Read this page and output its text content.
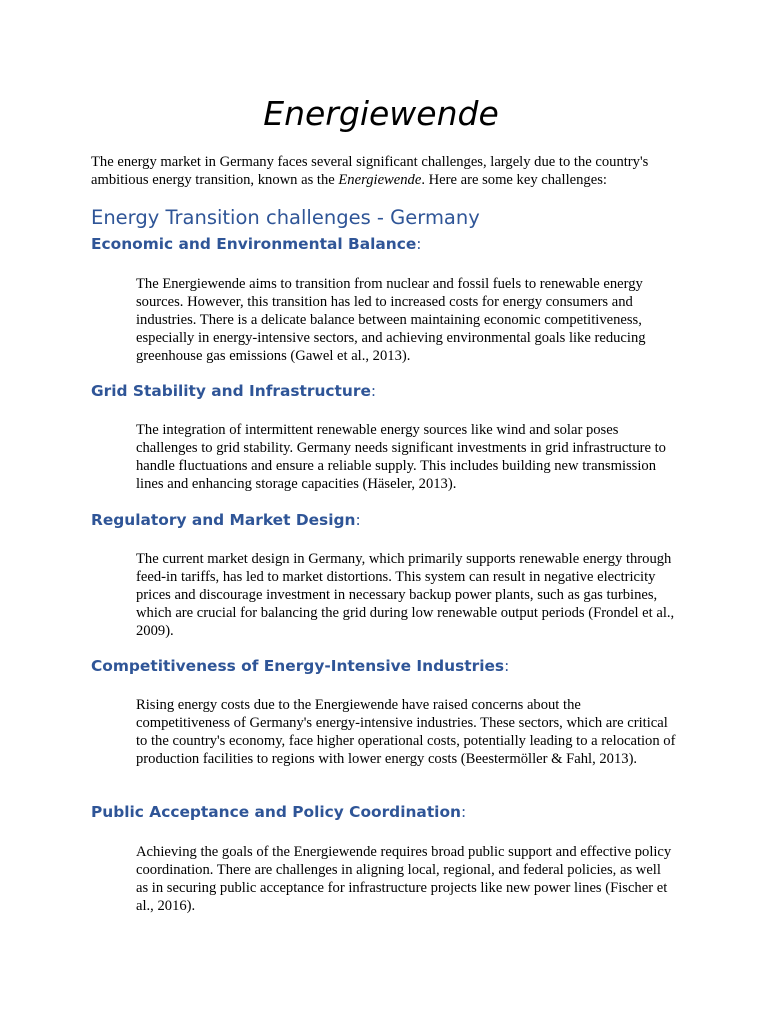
Energiewende

The energy market in Germany faces several significant challenges, largely due to the country's ambitious energy transition, known as the Energiewende. Here are some key challenges:

Energy Transition challenges - Germany
Economic and Environmental Balance:

The Energiewende aims to transition from nuclear and fossil fuels to renewable energy sources. However, this transition has led to increased costs for energy consumers and industries. There is a delicate balance between maintaining economic competitiveness, especially in energy-intensive sectors, and achieving environmental goals like reducing greenhouse gas emissions (Gawel et al., 2013).

Grid Stability and Infrastructure:

The integration of intermittent renewable energy sources like wind and solar poses challenges to grid stability. Germany needs significant investments in grid infrastructure to handle fluctuations and ensure a reliable supply. This includes building new transmission lines and enhancing storage capacities (Häseler, 2013).

Regulatory and Market Design:

The current market design in Germany, which primarily supports renewable energy through feed-in tariffs, has led to market distortions. This system can result in negative electricity prices and discourage investment in necessary backup power plants, such as gas turbines, which are crucial for balancing the grid during low renewable output periods (Frondel et al., 2009).

Competitiveness of Energy-Intensive Industries:

Rising energy costs due to the Energiewende have raised concerns about the competitiveness of Germany's energy-intensive industries. These sectors, which are critical to the country's economy, face higher operational costs, potentially leading to a relocation of production facilities to regions with lower energy costs (Beestermöller & Fahl, 2013).

Public Acceptance and Policy Coordination:

Achieving the goals of the Energiewende requires broad public support and effective policy coordination. There are challenges in aligning local, regional, and federal policies, as well as in securing public acceptance for infrastructure projects like new power lines (Fischer et al., 2016).
